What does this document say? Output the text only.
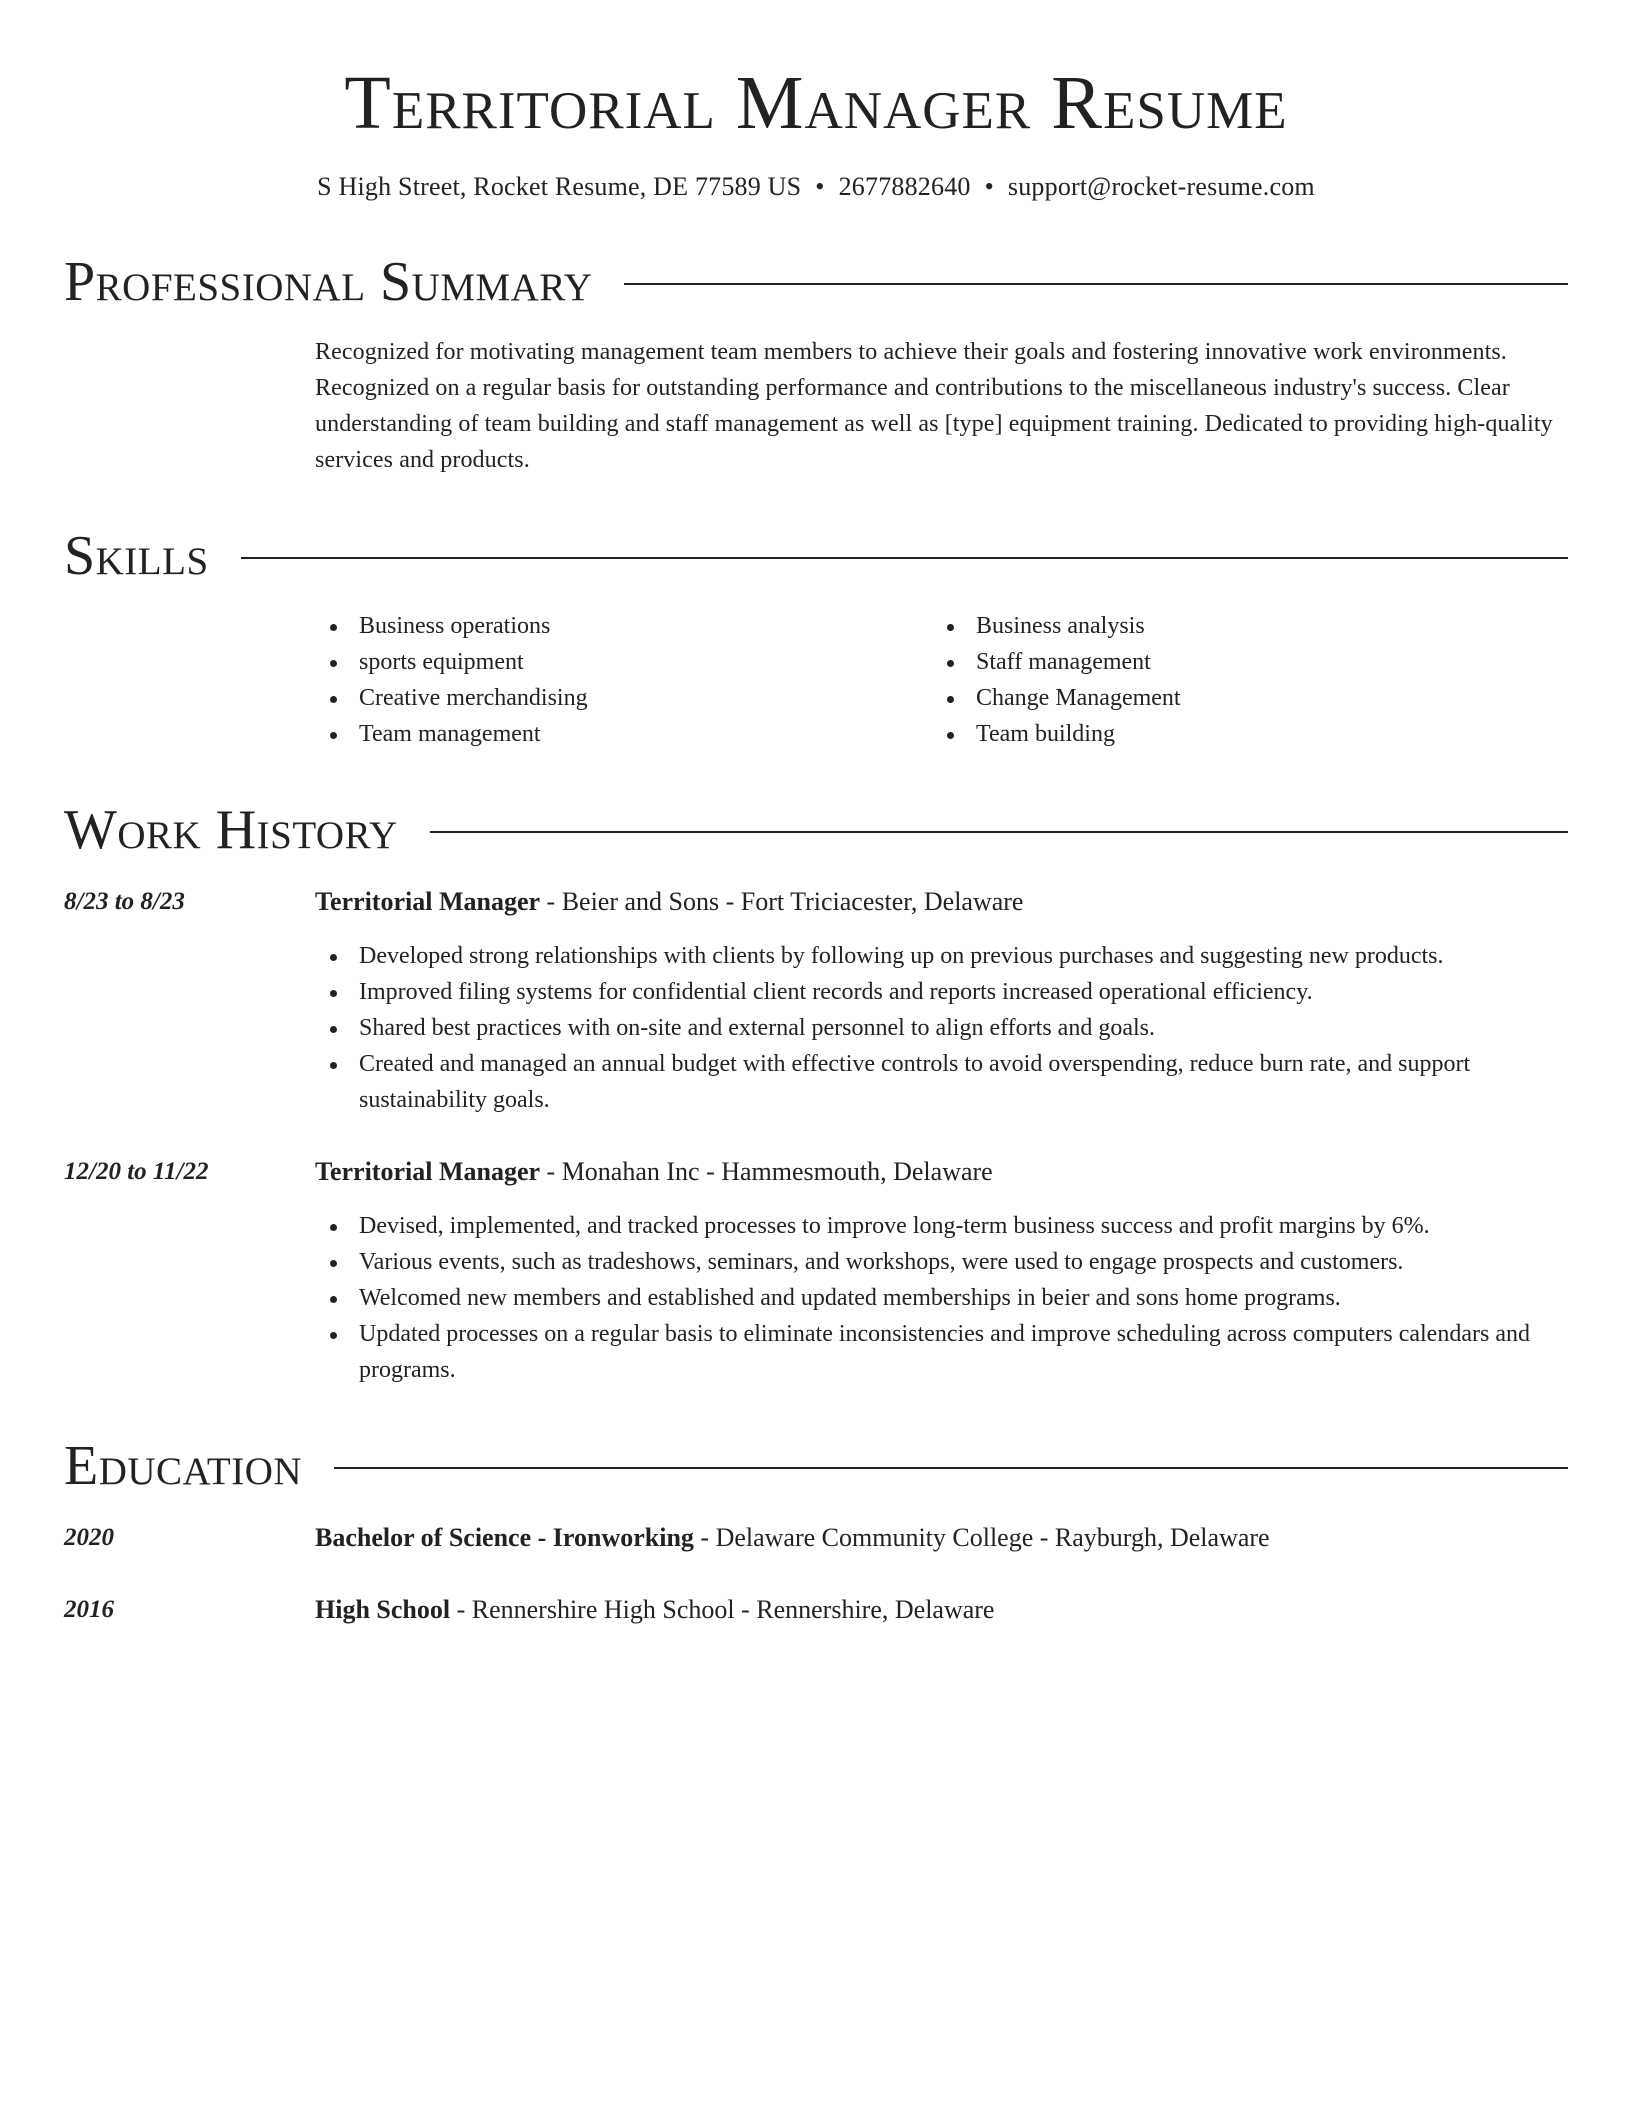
Territorial Manager Resume
S High Street, Rocket Resume, DE 77589 US • 2677882640 • support@rocket-resume.com
Professional Summary
Recognized for motivating management team members to achieve their goals and fostering innovative work environments. Recognized on a regular basis for outstanding performance and contributions to the miscellaneous industry's success. Clear understanding of team building and staff management as well as [type] equipment training. Dedicated to providing high-quality services and products.
Skills
Business operations
sports equipment
Creative merchandising
Team management
Business analysis
Staff management
Change Management
Team building
Work History
8/23 to 8/23	Territorial Manager - Beier and Sons - Fort Triciacester, Delaware
Developed strong relationships with clients by following up on previous purchases and suggesting new products.
Improved filing systems for confidential client records and reports increased operational efficiency.
Shared best practices with on-site and external personnel to align efforts and goals.
Created and managed an annual budget with effective controls to avoid overspending, reduce burn rate, and support sustainability goals.
12/20 to 11/22	Territorial Manager - Monahan Inc - Hammesmouth, Delaware
Devised, implemented, and tracked processes to improve long-term business success and profit margins by 6%.
Various events, such as tradeshows, seminars, and workshops, were used to engage prospects and customers.
Welcomed new members and established and updated memberships in beier and sons home programs.
Updated processes on a regular basis to eliminate inconsistencies and improve scheduling across computers calendars and programs.
Education
2020	Bachelor of Science - Ironworking - Delaware Community College - Rayburgh, Delaware
2016	High School - Rennershire High School - Rennershire, Delaware
